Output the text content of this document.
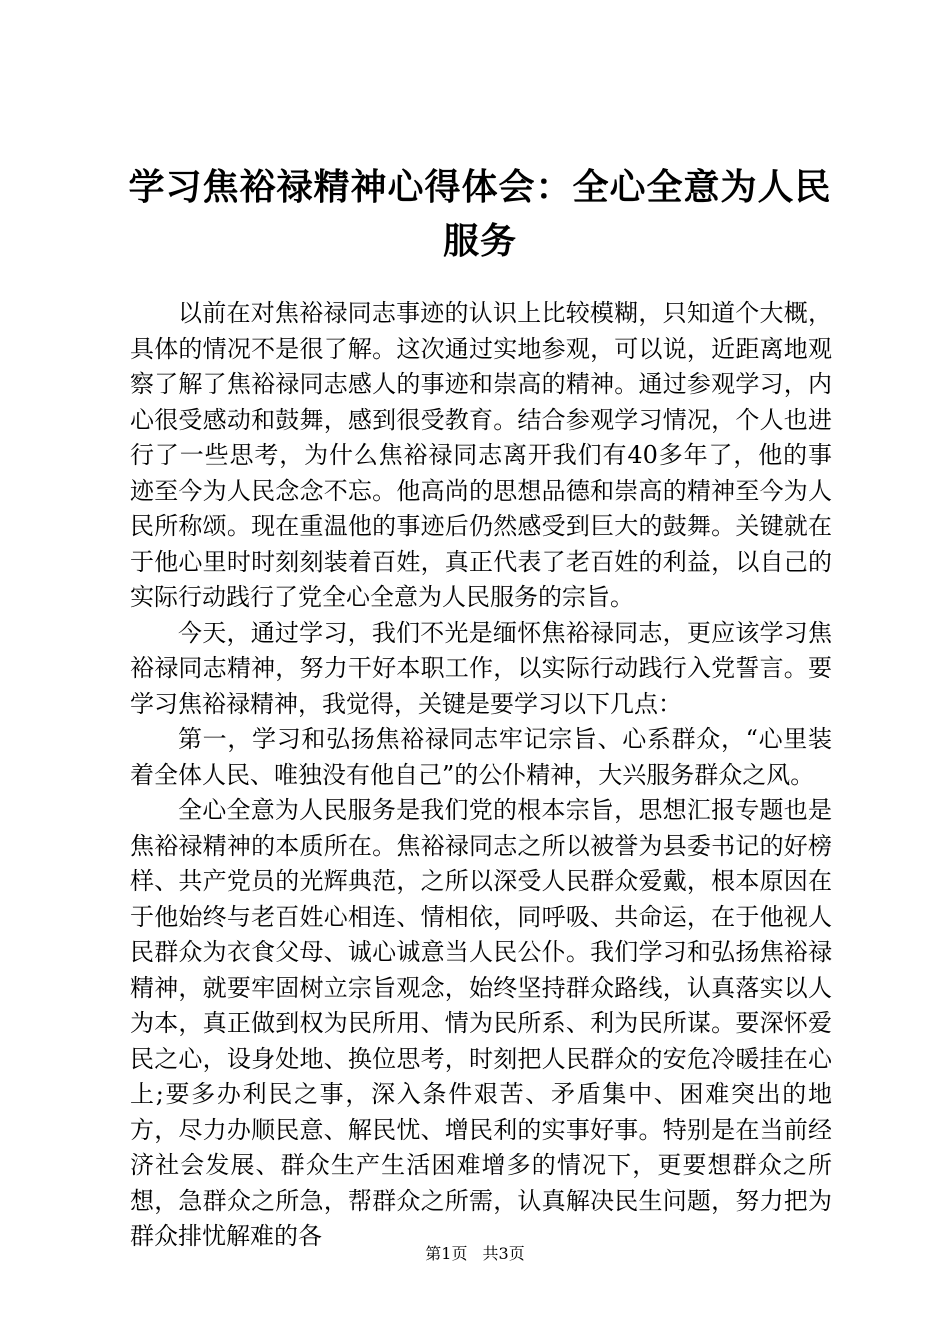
学习焦裕禄精神心得体会：全心全意为人民服务

以前在对焦裕禄同志事迹的认识上比较模糊，只知道个大概，具体的情况不是很了解。这次通过实地参观，可以说，近距离地观察了解了焦裕禄同志感人的事迹和崇高的精神。通过参观学习，内心很受感动和鼓舞，感到很受教育。结合参观学习情况，个人也进行了一些思考，为什么焦裕禄同志离开我们有40多年了，他的事迹至今为人民念念不忘。他高尚的思想品德和崇高的精神至今为人民所称颂。现在重温他的事迹后仍然感受到巨大的鼓舞。关键就在于他心里时时刻刻装着百姓，真正代表了老百姓的利益，以自己的实际行动践行了党全心全意为人民服务的宗旨。

今天，通过学习，我们不光是缅怀焦裕禄同志，更应该学习焦裕禄同志精神，努力干好本职工作，以实际行动践行入党誓言。要学习焦裕禄精神，我觉得，关键是要学习以下几点：

第一，学习和弘扬焦裕禄同志牢记宗旨、心系群众，“心里装着全体人民、唯独没有他自己”的公仆精神，大兴服务群众之风。

全心全意为人民服务是我们党的根本宗旨，思想汇报专题也是焦裕禄精神的本质所在。焦裕禄同志之所以被誉为县委书记的好榜样、共产党员的光辉典范，之所以深受人民群众爱戴，根本原因在于他始终与老百姓心相连、情相依，同呼吸、共命运，在于他视人民群众为衣食父母、诚心诚意当人民公仆。我们学习和弘扬焦裕禄精神，就要牢固树立宗旨观念，始终坚持群众路线，认真落实以人为本，真正做到权为民所用、情为民所系、利为民所谋。要深怀爱民之心，设身处地、换位思考，时刻把人民群众的安危冷暖挂在心上;要多办利民之事，深入条件艰苦、矛盾集中、困难突出的地方，尽力办顺民意、解民忧、增民利的实事好事。特别是在当前经济社会发展、群众生产生活困难增多的情况下，更要想群众之所想，急群众之所急，帮群众之所需，认真解决民生问题，努力把为群众排忧解难的各

第1页 共3页
